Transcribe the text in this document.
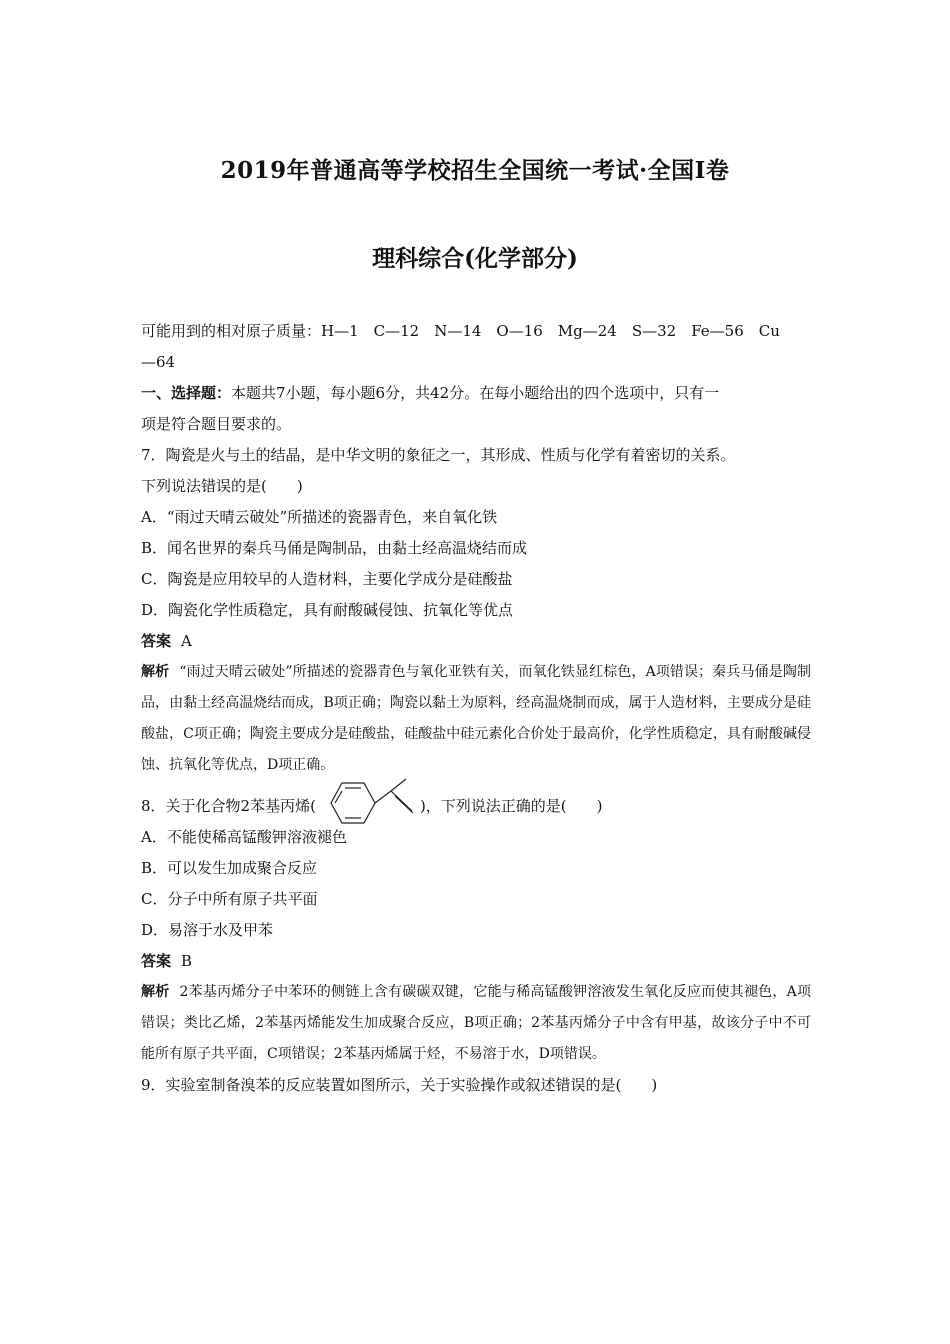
2019年普通高等学校招生全国统一考试·全国Ⅰ卷
理科综合(化学部分)
可能用到的相对原子质量：H—1　C—12　N—14　O—16　Mg—24　S—32　Fe—56　Cu
—64
一、选择题：本题共7小题，每小题6分，共42分。在每小题给出的四个选项中，只有一
项是符合题目要求的。
7．陶瓷是火与土的结晶，是中华文明的象征之一，其形成、性质与化学有着密切的关系。
下列说法错误的是(　　)
A．“雨过天晴云破处”所描述的瓷器青色，来自氧化铁
B．闻名世界的秦兵马俑是陶制品，由黏土经高温烧结而成
C．陶瓷是应用较早的人造材料，主要化学成分是硅酸盐
D．陶瓷化学性质稳定，具有耐酸碱侵蚀、抗氧化等优点
答案 A
解析 “雨过天晴云破处”所描述的瓷器青色与氧化亚铁有关，而氧化铁显红棕色，A项错误；秦兵马俑是陶制品，由黏土经高温烧结而成，B项正确；陶瓷以黏土为原料，经高温烧制而成，属于人造材料，主要成分是硅酸盐，C项正确；陶瓷主要成分是硅酸盐，硅酸盐中硅元素化合价处于最高价，化学性质稳定，具有耐酸碱侵蚀、抗氧化等优点，D项正确。
8．关于化合物2苯基丙烯(	)，下列说法正确的是(　　)
A．不能使稀高锰酸钾溶液褪色
B．可以发生加成聚合反应
C．分子中所有原子共平面
D．易溶于水及甲苯
答案 B
解析 2苯基丙烯分子中苯环的侧链上含有碳碳双键，它能与稀高锰酸钾溶液发生氧化反应而使其褪色，A项错误；类比乙烯，2苯基丙烯能发生加成聚合反应，B项正确；2苯基丙烯分子中含有甲基，故该分子中不可能所有原子共平面，C项错误；2苯基丙烯属于烃，不易溶于水，D项错误。
9．实验室制备溴苯的反应装置如图所示，关于实验操作或叙述错误的是(　　)
